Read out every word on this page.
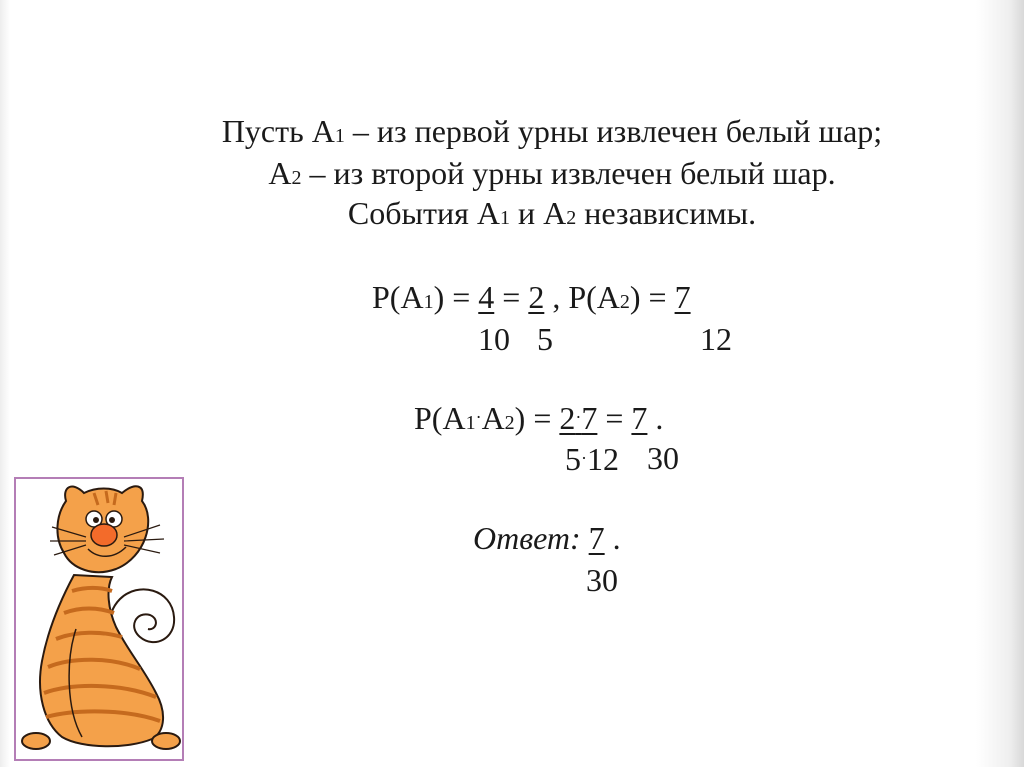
Пусть А1 – из первой урны извлечен белый шар;
А2 – из второй урны извлечен белый шар.
События А1 и А2 независимы.
Р(А1) = 4 = 2 , Р(А2) = 7
10 5	12
Р(А1·А2) = 2·7 = 7 .
5·12 30
Ответ: 7 .
30
